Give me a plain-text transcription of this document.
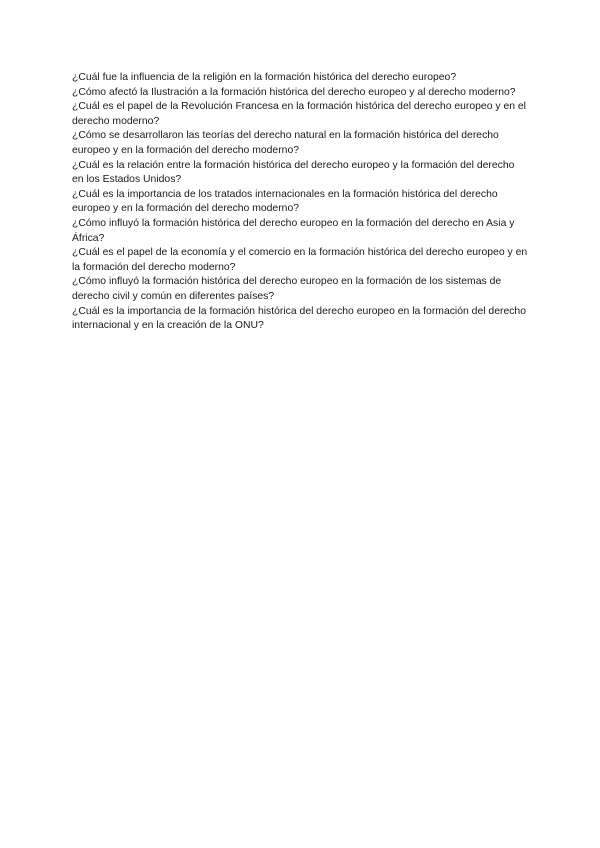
¿Cuál fue la influencia de la religión en la formación histórica del derecho europeo?
¿Cómo afectó la Ilustración a la formación histórica del derecho europeo y al derecho moderno?
¿Cuál es el papel de la Revolución Francesa en la formación histórica del derecho europeo y en el derecho moderno?
¿Cómo se desarrollaron las teorías del derecho natural en la formación histórica del derecho europeo y en la formación del derecho moderno?
¿Cuál es la relación entre la formación histórica del derecho europeo y la formación del derecho en los Estados Unidos?
¿Cuál es la importancia de los tratados internacionales en la formación histórica del derecho europeo y en la formación del derecho moderno?
¿Cómo influyó la formación histórica del derecho europeo en la formación del derecho en Asia y África?
¿Cuál es el papel de la economía y el comercio en la formación histórica del derecho europeo y en la formación del derecho moderno?
¿Cómo influyó la formación histórica del derecho europeo en la formación de los sistemas de derecho civil y común en diferentes países?
¿Cuál es la importancia de la formación histórica del derecho europeo en la formación del derecho internacional y en la creación de la ONU?
